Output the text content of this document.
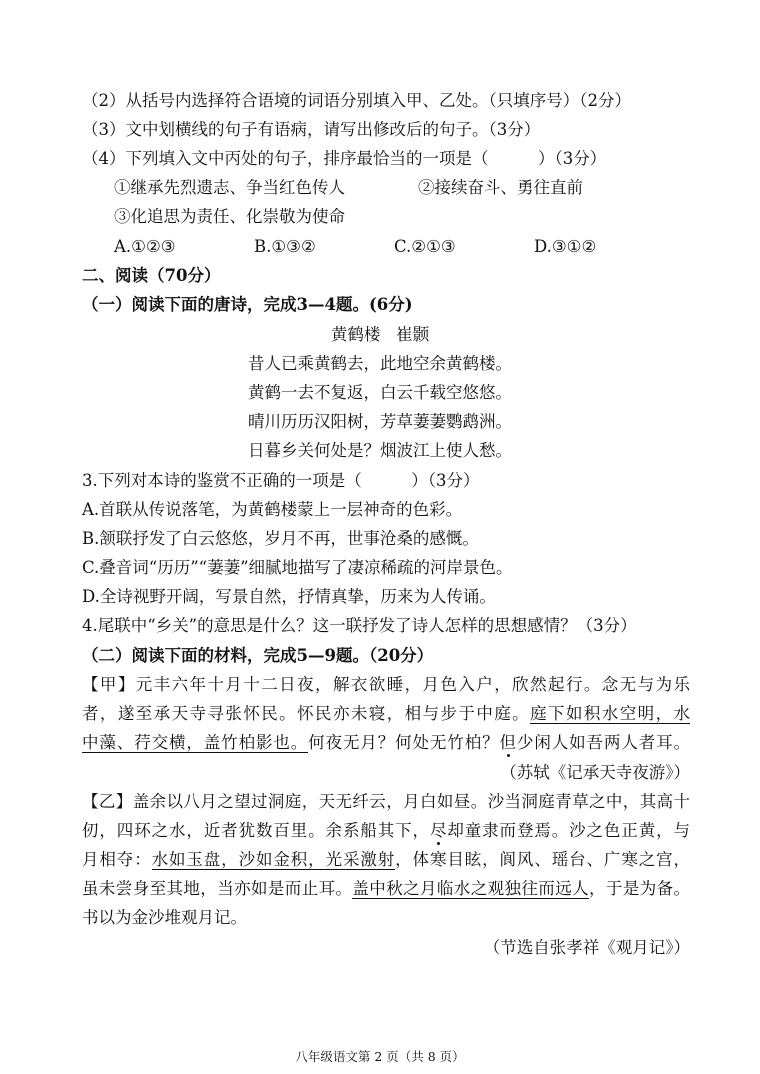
（2）从括号内选择符合语境的词语分别填入甲、乙处。（只填序号）（2分）
（3）文中划横线的句子有语病，请写出修改后的句子。（3分）
（4）下列填入文中丙处的句子，排序最恰当的一项是（　　　）（3分）
①继承先烈遗志、争当红色传人	②接续奋斗、勇往直前
③化追思为责任、化崇敬为使命
A.①②③	B.①③②	C.②①③	D.③①②
二、阅读（70分）
（一）阅读下面的唐诗，完成3—4题。(6分)
黄鹤楼 崔颢
昔人已乘黄鹤去，此地空余黄鹤楼。
黄鹤一去不复返，白云千载空悠悠。
晴川历历汉阳树，芳草萋萋鹦鹉洲。
日暮乡关何处是？烟波江上使人愁。
3.下列对本诗的鉴赏不正确的一项是（　　　）（3分）
A.首联从传说落笔，为黄鹤楼蒙上一层神奇的色彩。
B.颔联抒发了白云悠悠，岁月不再，世事沧桑的感慨。
C.叠音词“历历”“萋萋”细腻地描写了凄凉稀疏的河岸景色。
D.全诗视野开阔，写景自然，抒情真挚，历来为人传诵。
4.尾联中“乡关”的意思是什么？这一联抒发了诗人怎样的思想感情？（3分）
（二）阅读下面的材料，完成5—9题。（20分）
【甲】元丰六年十月十二日夜，解衣欲睡，月色入户，欣然起行。念无与为乐
者，遂至承天寺寻张怀民。怀民亦未寝，相与步于中庭。庭下如积水空明，水
中藻、荇交横，盖竹柏影也。何夜无月？何处无竹柏？但少闲人如吾两人者耳。
（苏轼《记承天寺夜游》）
【乙】盖余以八月之望过洞庭，天无纤云，月白如昼。沙当洞庭青草之中，其高十
仞，四环之水，近者犹数百里。余系船其下，尽却童隶而登焉。沙之色正黄，与
月相夺：水如玉盘，沙如金积，光采激射，体寒目眩，阆风、瑶台、广寒之宫，
虽未尝身至其地，当亦如是而止耳。盖中秋之月临水之观独往而远人，于是为备。
书以为金沙堆观月记。
（节选自张孝祥《观月记》）
八年级语文第 2 页（共 8 页）
